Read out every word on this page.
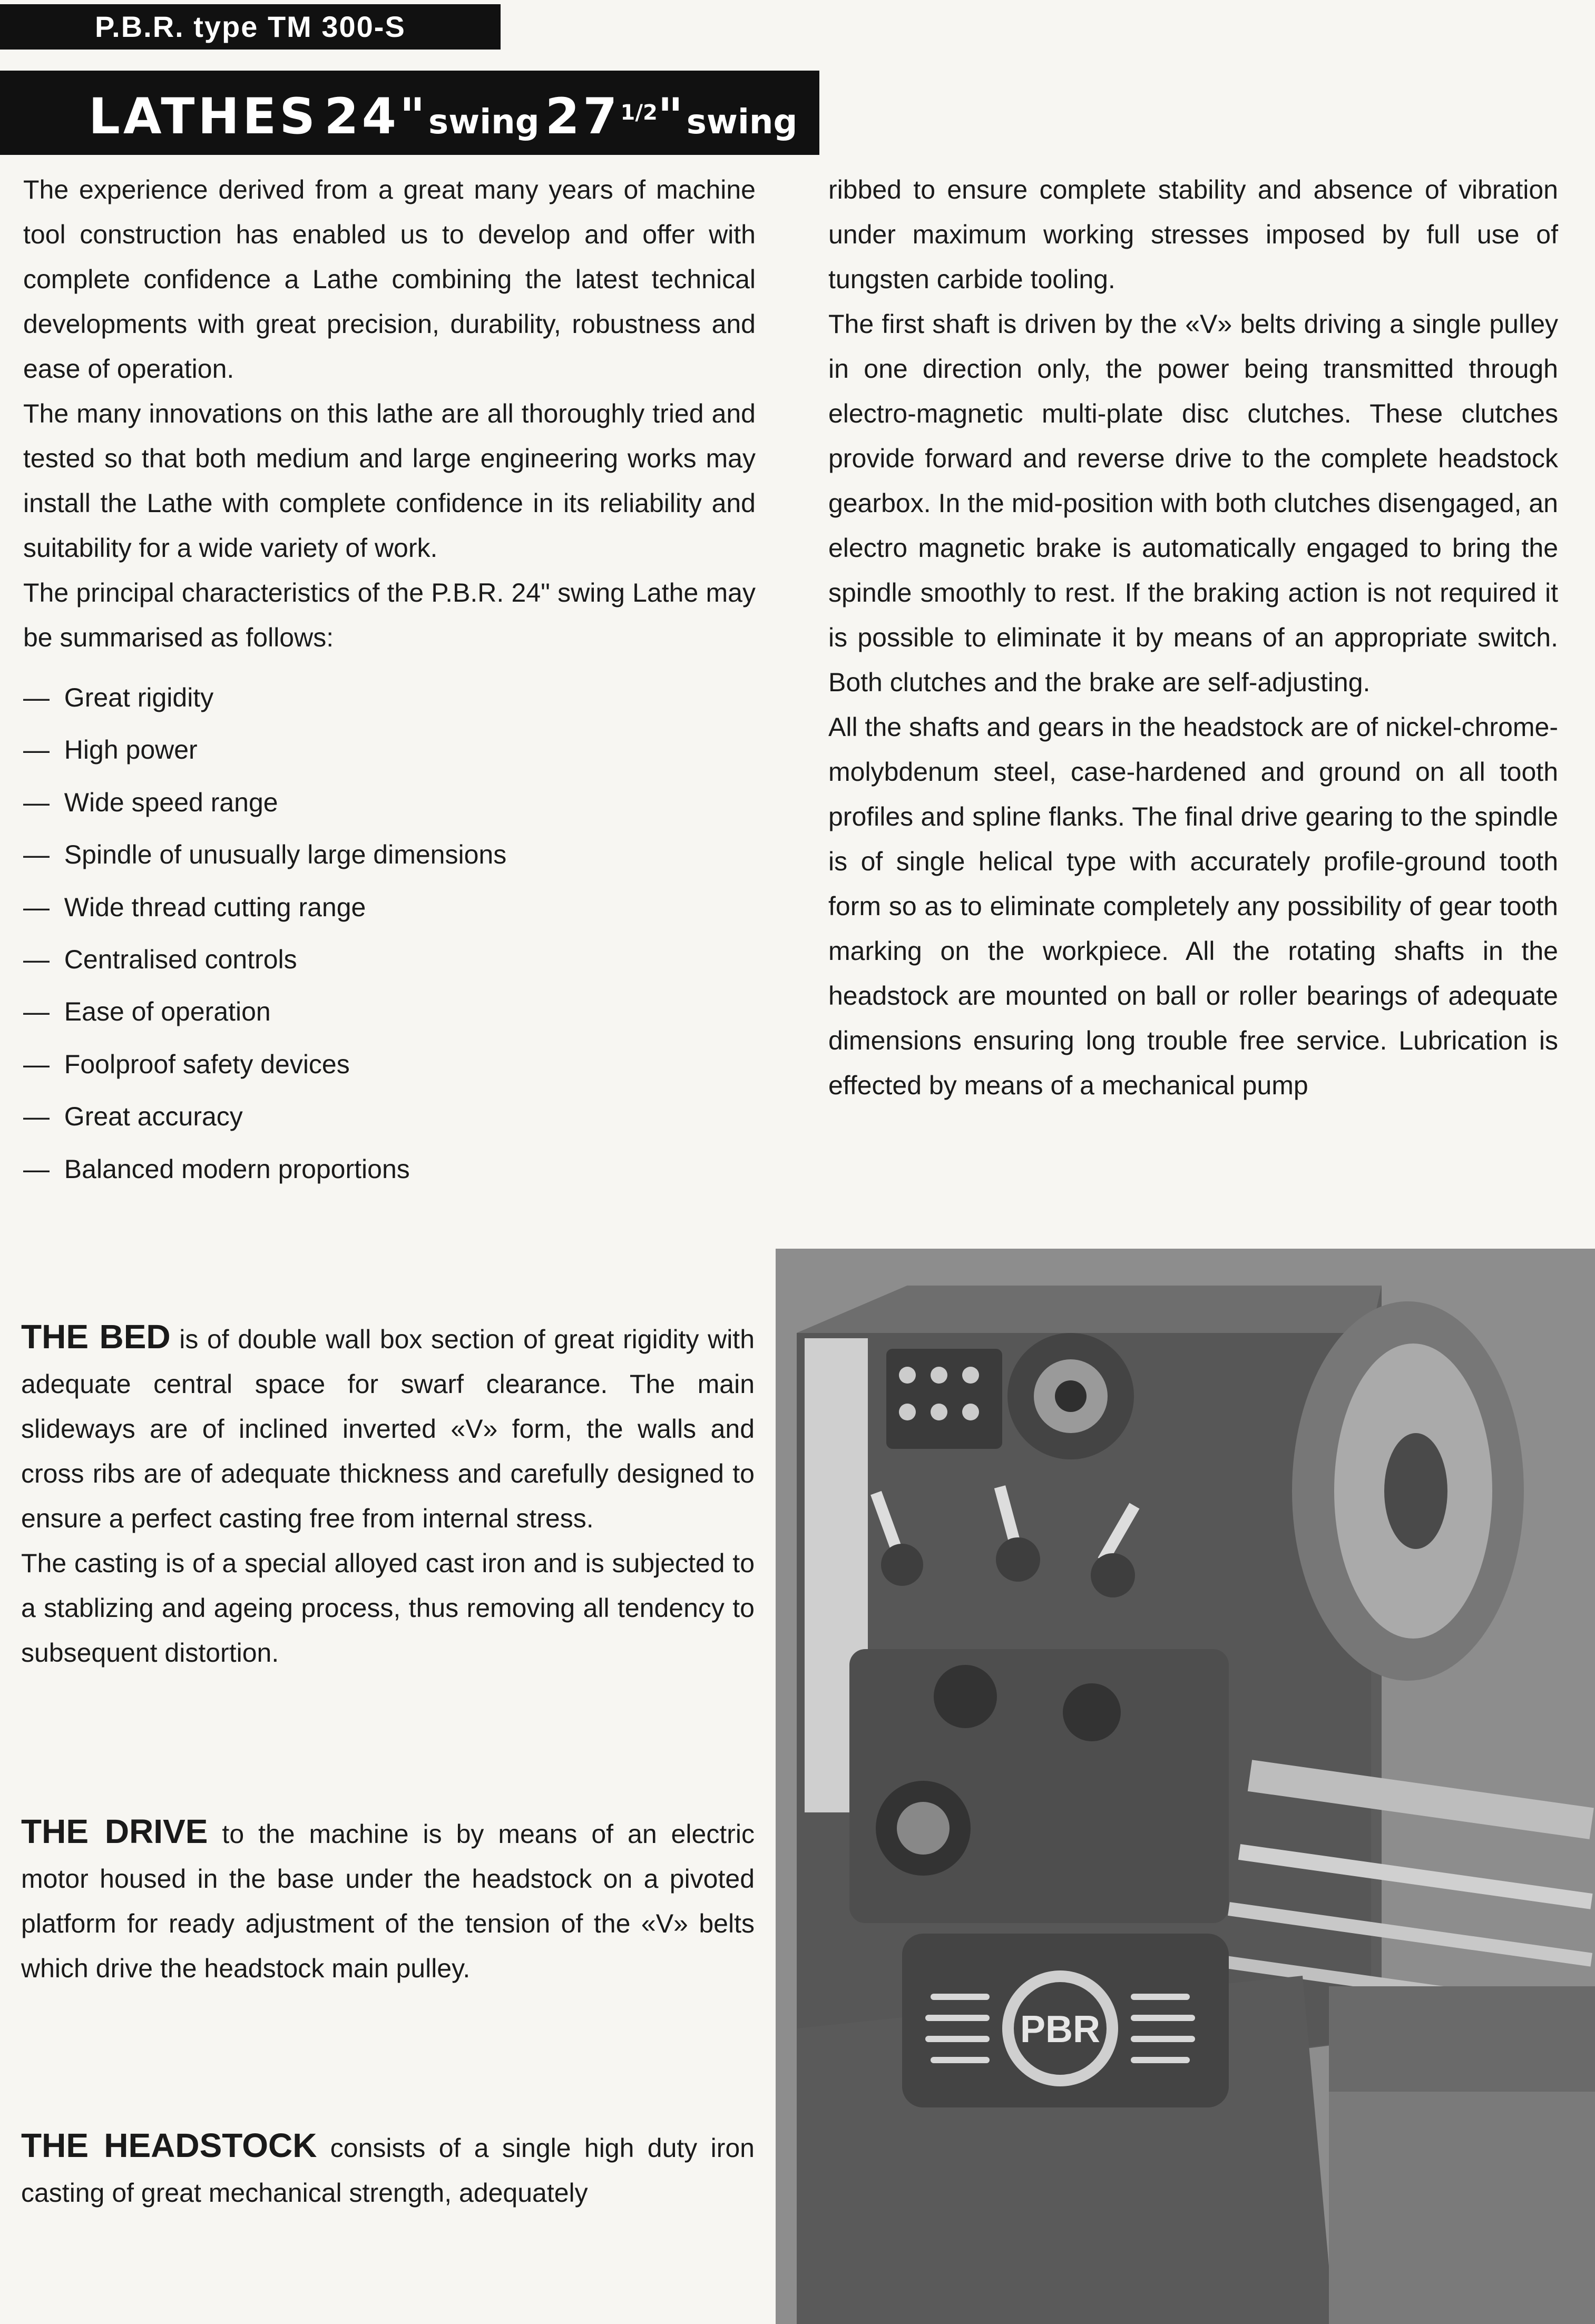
P.B.R. type TM 300-S
LATHES 24"swing 271/2"swing

The experience derived from a great many years of machine tool construction has enabled us to develop and offer with complete confidence a Lathe combining the latest technical developments with great precision, durability, robustness and ease of operation.

The many innovations on this lathe are all thoroughly tried and tested so that both medium and large engineering works may install the Lathe with complete confidence in its reliability and suitability for a wide variety of work.

The principal characteristics of the P.B.R. 24" swing Lathe may be summarised as follows:

—  Great rigidity
—  High power
—  Wide speed range
—  Spindle of unusually large dimensions
—  Wide thread cutting range
—  Centralised controls
—  Ease of operation
—  Foolproof safety devices
—  Great accuracy
—  Balanced modern proportions

ribbed to ensure complete stability and absence of vibration under maximum working stresses imposed by full use of tungsten carbide tooling.

The first shaft is driven by the «V» belts driving a single pulley in one direction only, the power being transmitted through electro-magnetic multi-plate disc clutches. These clutches provide forward and reverse drive to the complete headstock gearbox. In the mid-position with both clutches disengaged, an electro magnetic brake is automatically engaged to bring the spindle smoothly to rest. If the braking action is not required it is possible to eliminate it by means of an appropriate switch. Both clutches and the brake are self-adjusting.

All the shafts and gears in the headstock are of nickel-chrome-molybdenum steel, case-hardened and ground on all tooth profiles and spline flanks. The final drive gearing to the spindle is of single helical type with accurately profile-ground tooth form so as to eliminate completely any possibility of gear tooth marking on the workpiece. All the rotating shafts in the headstock are mounted on ball or roller bearings of adequate dimensions ensuring long trouble free service. Lubrication is effected by means of a mechanical pump

THE BED is of double wall box section of great rigidity with adequate central space for swarf clearance. The main slideways are of inclined inverted «V» form, the walls and cross ribs are of adequate thickness and carefully designed to ensure a perfect casting free from internal stress.

The casting is of a special alloyed cast iron and is subjected to a stablizing and ageing process, thus removing all tendency to subsequent distortion.

THE DRIVE to the machine is by means of an electric motor housed in the base under the headstock on a pivoted platform for ready adjustment of the tension of the «V» belts which drive the headstock main pulley.

THE HEADSTOCK consists of a single high duty iron casting of great mechanical strength, adequately

PBR
